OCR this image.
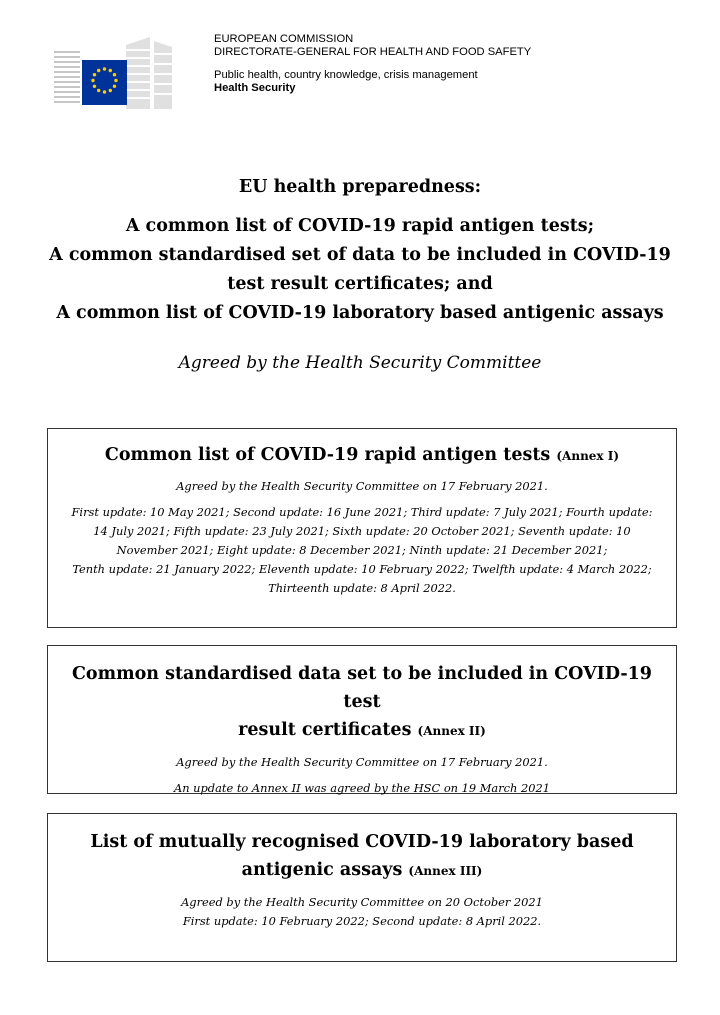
EUROPEAN COMMISSION
DIRECTORATE-GENERAL FOR HEALTH AND FOOD SAFETY
Public health, country knowledge, crisis management
Health Security

EU health preparedness:

A common list of COVID-19 rapid antigen tests;
A common standardised set of data to be included in COVID-19
test result certificates; and
A common list of COVID-19 laboratory based antigenic assays

Agreed by the Health Security Committee
Common list of COVID-19 rapid antigen tests (Annex I)
Agreed by the Health Security Committee on 17 February 2021.
First update: 10 May 2021; Second update: 16 June 2021; Third update: 7 July 2021; Fourth update:
14 July 2021; Fifth update: 23 July 2021; Sixth update: 20 October 2021; Seventh update: 10
November 2021; Eight update: 8 December 2021; Ninth update: 21 December 2021;
Tenth update: 21 January 2022; Eleventh update: 10 February 2022; Twelfth update: 4 March 2022;
Thirteenth update: 8 April 2022.
Common standardised data set to be included in COVID-19 test
result certificates (Annex II)
Agreed by the Health Security Committee on 17 February 2021.
An update to Annex II was agreed by the HSC on 19 March 2021
List of mutually recognised COVID-19 laboratory based
antigenic assays (Annex III)
Agreed by the Health Security Committee on 20 October 2021
First update: 10 February 2022; Second update: 8 April 2022.
